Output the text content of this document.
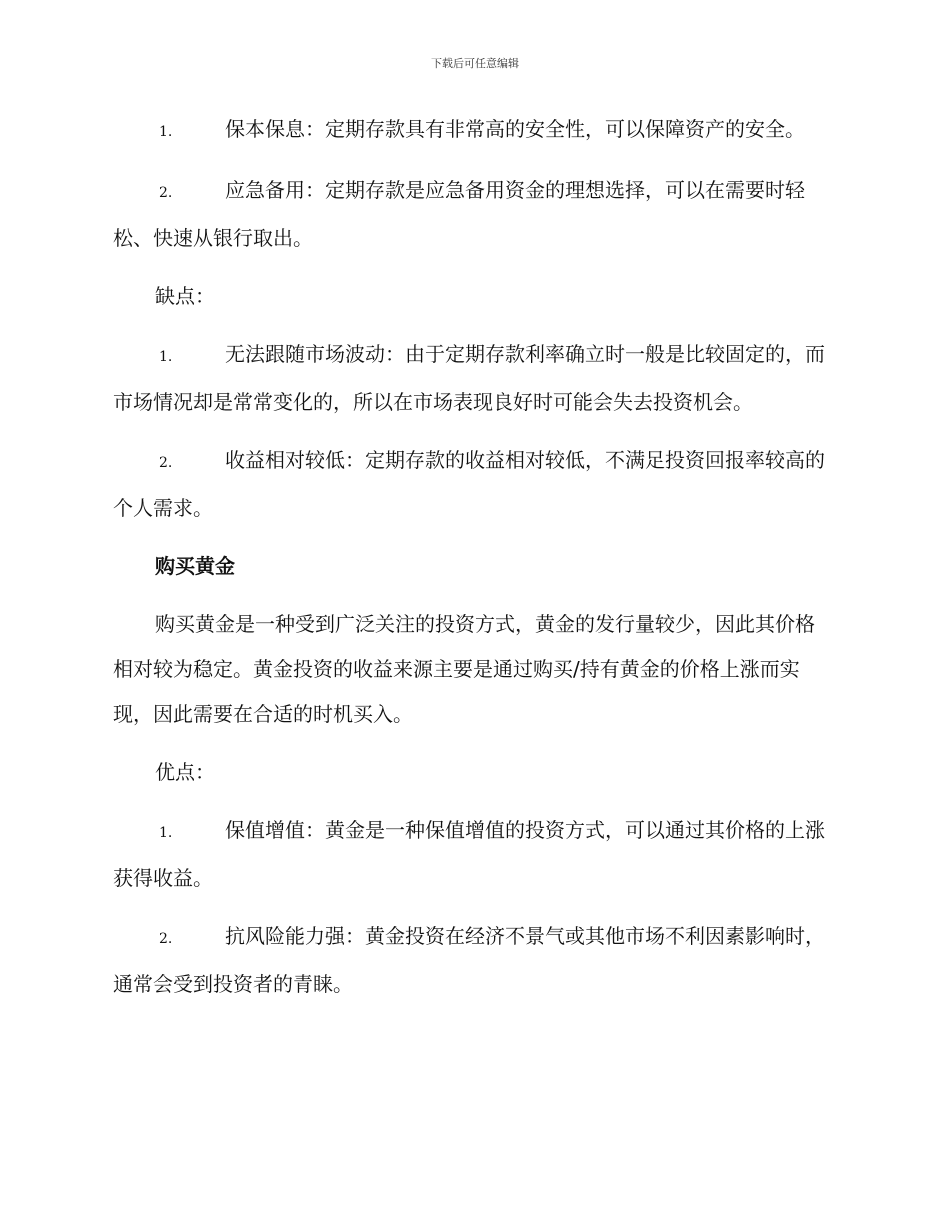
下载后可任意编辑

1.	保本保息：定期存款具有非常高的安全性，可以保障资产的安全。

2.	应急备用：定期存款是应急备用资金的理想选择，可以在需要时轻松、快速从银行取出。

缺点：

1.	无法跟随市场波动：由于定期存款利率确立时一般是比较固定的，而市场情况却是常常变化的，所以在市场表现良好时可能会失去投资机会。

2.	收益相对较低：定期存款的收益相对较低，不满足投资回报率较高的个人需求。

购买黄金

购买黄金是一种受到广泛关注的投资方式，黄金的发行量较少，因此其价格相对较为稳定。黄金投资的收益来源主要是通过购买/持有黄金的价格上涨而实现，因此需要在合适的时机买入。

优点：

1.	保值增值：黄金是一种保值增值的投资方式，可以通过其价格的上涨获得收益。

2.	抗风险能力强：黄金投资在经济不景气或其他市场不利因素影响时，通常会受到投资者的青睐。
